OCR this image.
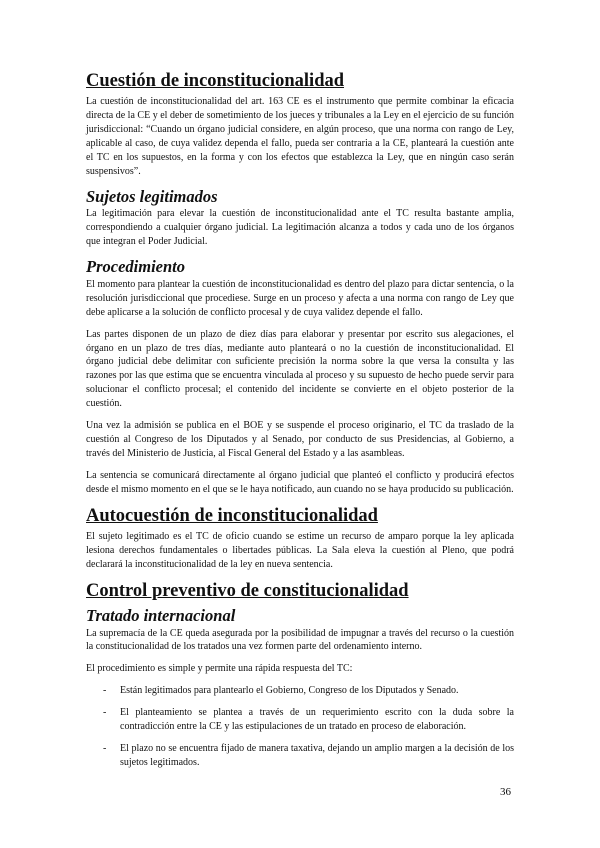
Cuestión de inconstitucionalidad

La cuestión de inconstitucionalidad del art. 163 CE es el instrumento que permite combinar la eficacia directa de la CE y el deber de sometimiento de los jueces y tribunales a la Ley en el ejercicio de su función jurisdiccional: “Cuando un órgano judicial considere, en algún proceso, que una norma con rango de Ley, aplicable al caso, de cuya validez dependa el fallo, pueda ser contraria a la CE, planteará la cuestión ante el TC en los supuestos, en la forma y con los efectos que establezca la Ley, que en ningún caso serán suspensivos”.

Sujetos legitimados

La legitimación para elevar la cuestión de inconstitucionalidad ante el TC resulta bastante amplia, correspondiendo a cualquier órgano judicial. La legitimación alcanza a todos y cada uno de los órganos que integran el Poder Judicial.

Procedimiento

El momento para plantear la cuestión de inconstitucionalidad es dentro del plazo para dictar sentencia, o la resolución jurisdiccional que procediese. Surge en un proceso y afecta a una norma con rango de Ley que debe aplicarse a la solución de conflicto procesal y de cuya validez depende el fallo.

Las partes disponen de un plazo de diez días para elaborar y presentar por escrito sus alegaciones, el órgano en un plazo de tres días, mediante auto planteará o no la cuestión de inconstitucionalidad. El órgano judicial debe delimitar con suficiente precisión la norma sobre la que versa la consulta y las razones por las que estima que se encuentra vinculada al proceso y su supuesto de hecho puede servir para solucionar el conflicto procesal; el contenido del incidente se convierte en el objeto posterior de la cuestión.

Una vez la admisión se publica en el BOE y se suspende el proceso originario, el TC da traslado de la cuestión al Congreso de los Diputados y al Senado, por conducto de sus Presidencias, al Gobierno, a través del Ministerio de Justicia, al Fiscal General del Estado y a las asambleas.

La sentencia se comunicará directamente al órgano judicial que planteó el conflicto y producirá efectos desde el mismo momento en el que se le haya notificado, aun cuando no se haya producido su publicación.

Autocuestión de inconstitucionalidad

El sujeto legitimado es el TC de oficio cuando se estime un recurso de amparo porque la ley aplicada lesiona derechos fundamentales o libertades públicas. La Sala eleva la cuestión al Pleno, que podrá declarará la inconstitucionalidad de la ley en nueva sentencia.

Control preventivo de constitucionalidad
Tratado internacional

La supremacía de la CE queda asegurada por la posibilidad de impugnar a través del recurso o la cuestión la constitucionalidad de los tratados una vez formen parte del ordenamiento interno.

El procedimiento es simple y permite una rápida respuesta del TC:

- Están legitimados para plantearlo el Gobierno, Congreso de los Diputados y Senado.
- El planteamiento se plantea a través de un requerimiento escrito con la duda sobre la contradicción entre la CE y las estipulaciones de un tratado en proceso de elaboración.
- El plazo no se encuentra fijado de manera taxativa, dejando un amplio margen a la decisión de los sujetos legitimados.
36
